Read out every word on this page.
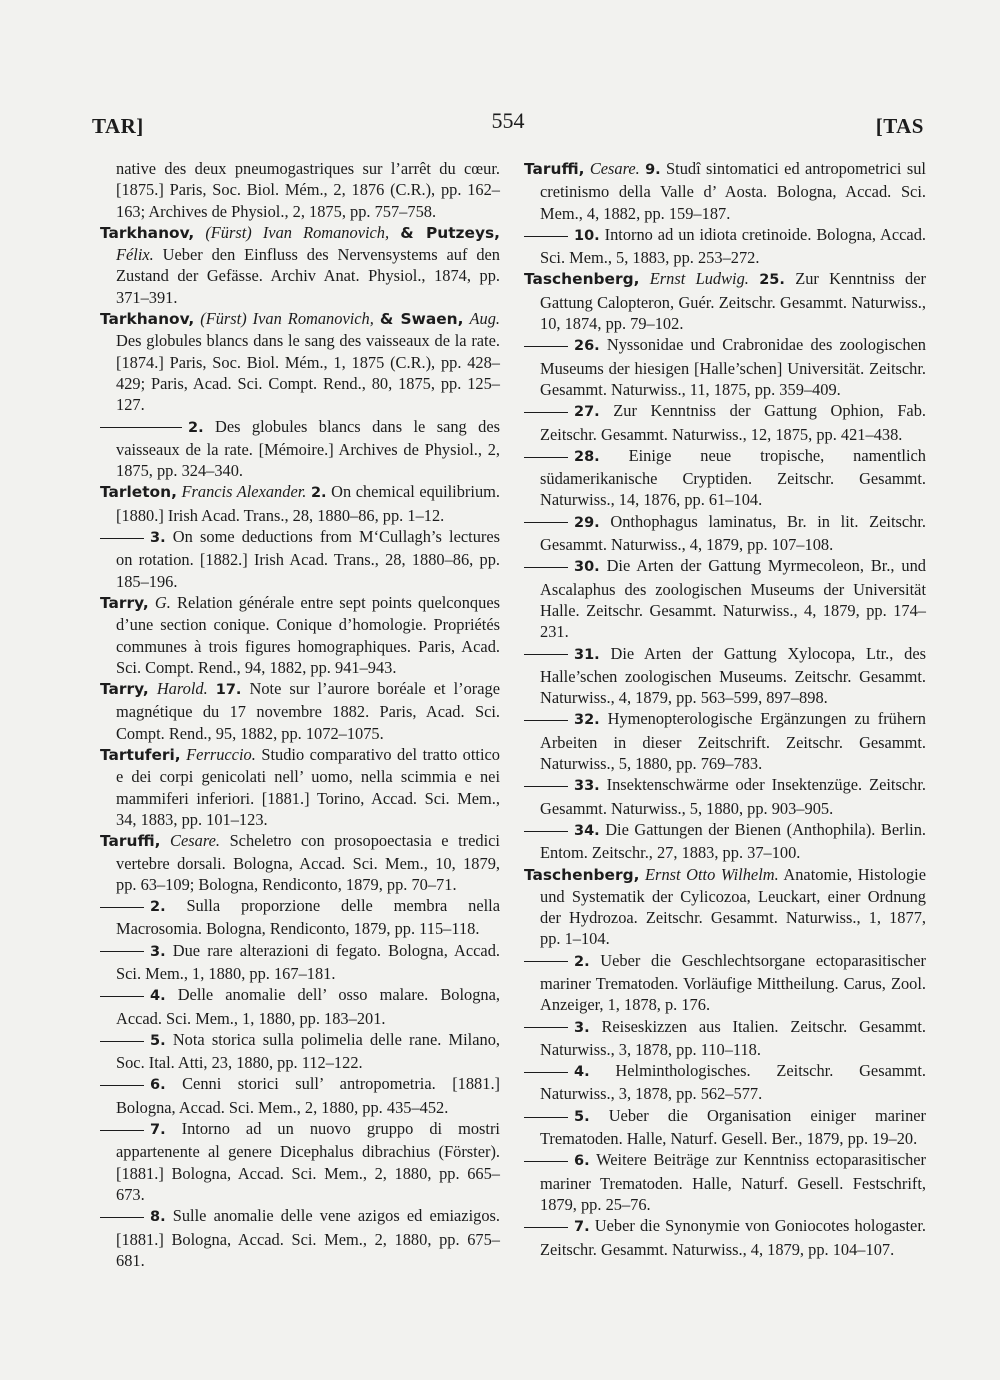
TAR]	554	[TAS

native des deux pneumogastriques sur l’arrêt du cœur. [1875.] Paris, Soc. Biol. Mém., 2, 1876 (C.R.), pp. 162–163; Archives de Physiol., 2, 1875, pp. 757–758.

Tarkhanov, (Fürst) Ivan Romanovich, & Putzeys, Félix. Ueber den Einfluss des Nervensystems auf den Zustand der Gefässe. Archiv Anat. Physiol., 1874, pp. 371–391.

Tarkhanov, (Fürst) Ivan Romanovich, & Swaen, Aug. Des globules blancs dans le sang des vaisseaux de la rate. [1874.] Paris, Soc. Biol. Mém., 1, 1875 (C.R.), pp. 428–429; Paris, Acad. Sci. Compt. Rend., 80, 1875, pp. 125–127.

2. Des globules blancs dans le sang des vaisseaux de la rate. [Mémoire.] Archives de Physiol., 2, 1875, pp. 324–340.

Tarleton, Francis Alexander. 2. On chemical equilibrium. [1880.] Irish Acad. Trans., 28, 1880–86, pp. 1–12.

3. On some deductions from M‘Cullagh’s lectures on rotation. [1882.] Irish Acad. Trans., 28, 1880–86, pp. 185–196.

Tarry, G. Relation générale entre sept points quelconques d’une section conique. Conique d’homologie. Propriétés communes à trois figures homographiques. Paris, Acad. Sci. Compt. Rend., 94, 1882, pp. 941–943.

Tarry, Harold. 17. Note sur l’aurore boréale et l’orage magnétique du 17 novembre 1882. Paris, Acad. Sci. Compt. Rend., 95, 1882, pp. 1072–1075.

Tartuferi, Ferruccio. Studio comparativo del tratto ottico e dei corpi genicolati nell’ uomo, nella scimmia e nei mammiferi inferiori. [1881.] Torino, Accad. Sci. Mem., 34, 1883, pp. 101–123.

Taruffi, Cesare. Scheletro con prosopoectasia e tredici vertebre dorsali. Bologna, Accad. Sci. Mem., 10, 1879, pp. 63–109; Bologna, Rendiconto, 1879, pp. 70–71.

2. Sulla proporzione delle membra nella Macrosomia. Bologna, Rendiconto, 1879, pp. 115–118.

3. Due rare alterazioni di fegato. Bologna, Accad. Sci. Mem., 1, 1880, pp. 167–181.

4. Delle anomalie dell’ osso malare. Bologna, Accad. Sci. Mem., 1, 1880, pp. 183–201.

5. Nota storica sulla polimelia delle rane. Milano, Soc. Ital. Atti, 23, 1880, pp. 112–122.

6. Cenni storici sull’ antropometria. [1881.] Bologna, Accad. Sci. Mem., 2, 1880, pp. 435–452.

7. Intorno ad un nuovo gruppo di mostri appartenente al genere Dicephalus dibrachius (Förster). [1881.] Bologna, Accad. Sci. Mem., 2, 1880, pp. 665–673.

8. Sulle anomalie delle vene azigos ed emiazigos. [1881.] Bologna, Accad. Sci. Mem., 2, 1880, pp. 675–681.

Taruffi, Cesare. 9. Studî sintomatici ed antropometrici sul cretinismo della Valle d’ Aosta. Bologna, Accad. Sci. Mem., 4, 1882, pp. 159–187.

10. Intorno ad un idiota cretinoide. Bologna, Accad. Sci. Mem., 5, 1883, pp. 253–272.

Taschenberg, Ernst Ludwig. 25. Zur Kenntniss der Gattung Calopteron, Guér. Zeitschr. Gesammt. Naturwiss., 10, 1874, pp. 79–102.

26. Nyssonidae und Crabronidae des zoologischen Museums der hiesigen [Halle’schen] Universität. Zeitschr. Gesammt. Naturwiss., 11, 1875, pp. 359–409.

27. Zur Kenntniss der Gattung Ophion, Fab. Zeitschr. Gesammt. Naturwiss., 12, 1875, pp. 421–438.

28. Einige neue tropische, namentlich südamerikanische Cryptiden. Zeitschr. Gesammt. Naturwiss., 14, 1876, pp. 61–104.

29. Onthophagus laminatus, Br. in lit. Zeitschr. Gesammt. Naturwiss., 4, 1879, pp. 107–108.

30. Die Arten der Gattung Myrmecoleon, Br., und Ascalaphus des zoologischen Museums der Universität Halle. Zeitschr. Gesammt. Naturwiss., 4, 1879, pp. 174–231.

31. Die Arten der Gattung Xylocopa, Ltr., des Halle’schen zoologischen Museums. Zeitschr. Gesammt. Naturwiss., 4, 1879, pp. 563–599, 897–898.

32. Hymenopterologische Ergänzungen zu frühern Arbeiten in dieser Zeitschrift. Zeitschr. Gesammt. Naturwiss., 5, 1880, pp. 769–783.

33. Insektenschwärme oder Insektenzüge. Zeitschr. Gesammt. Naturwiss., 5, 1880, pp. 903–905.

34. Die Gattungen der Bienen (Anthophila). Berlin. Entom. Zeitschr., 27, 1883, pp. 37–100.

Taschenberg, Ernst Otto Wilhelm. Anatomie, Histologie und Systematik der Cylicozoa, Leuckart, einer Ordnung der Hydrozoa. Zeitschr. Gesammt. Naturwiss., 1, 1877, pp. 1–104.

2. Ueber die Geschlechtsorgane ectoparasitischer mariner Trematoden. Vorläufige Mittheilung. Carus, Zool. Anzeiger, 1, 1878, p. 176.

3. Reiseskizzen aus Italien. Zeitschr. Gesammt. Naturwiss., 3, 1878, pp. 110–118.

4. Helminthologisches. Zeitschr. Gesammt. Naturwiss., 3, 1878, pp. 562–577.

5. Ueber die Organisation einiger mariner Trematoden. Halle, Naturf. Gesell. Ber., 1879, pp. 19–20.

6. Weitere Beiträge zur Kenntniss ectoparasitischer mariner Trematoden. Halle, Naturf. Gesell. Festschrift, 1879, pp. 25–76.

7. Ueber die Synonymie von Goniocotes hologaster. Zeitschr. Gesammt. Naturwiss., 4, 1879, pp. 104–107.
